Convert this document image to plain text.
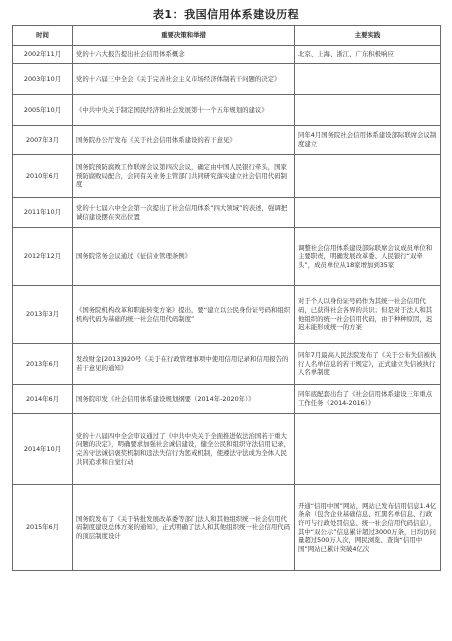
表1：我国信用体系建设历程
时间	重要决策和举措	主要实践
2002年11月	党的十六大报告提出社会信用体系概念	北京、上海、浙江、广东积极响应
2003年10月	党的十六届三中全会《关于完善社会主义市场经济体制若干问题的决定》	
2005年10月	《中共中央关于制定国民经济和社会发展第十一个五年规划的建议》	
2007年3月	国务院办公厅发布《关于社会信用体系建设的若干意见》	同年4月国务院社会信用体系建设部际联席会议制度建立
2010年6月	国务院预防腐败工作联席会议第四次会议，确定由中国人民银行牵头，国家预防腐败局配合，会同有关业务主管部门共同研究落实建立社会信用代码制度	
2011年10月	党的十七届六中全会第一次提出了社会信用体系“四大领域”的表述，强调把诚信建设摆在突出位置	
2012年12月	国务院常务会议通过《征信业管理条例》	调整社会信用体系建设部际联席会议成员单位和主要职责，明确发展改革委、人民银行“双牵头”，成员单位从18家增加到35家
2013年3月	《国务院机构改革和职能转变方案》提出，要“建立以公民身份证号码和组织机构代码为基础的统一社会信用代码制度”	对于个人以身份证号码作为其统一社会信用代码，已获得社会各界的共识；但是对于法人和其他组织的统一社会信用代码，由于种种原因，迟迟未能形成统一的方案
2013年6月	发改财金[2013]920号《关于在行政管理事项中使用信用记录和信用报告的若干意见的通知》	同年7月最高人民法院发布了《关于公布失信被执行人名单信息的若干规定》，正式建立失信被执行人名单制度
2014年6月	国务院印发《社会信用体系建设规划纲要（2014年-2020年）》	同年底配套出台了《社会信用体系建设三年重点工作任务（2014-2016）》
2014年10月	党的十八届四中全会审议通过了《中共中央关于全面推进依法治国若干重大问题的决定》，明确要求加强社会诚信建设，健全公民和组织守法信用记录，完善守法诚信褒奖机制和违法失信行为惩戒机制，使遵法守法成为全体人民共同追求和自觉行动	
2015年6月	国务院发布了《关于转批发展改革委等部门法人和其他组织统一社会信用代码制度建设总体方案的通知》，正式明确了法人和其他组织统一社会信用代码的顶层制度设计	开通“信用中国”网站，网站已发布信用信息1.4亿条余（包含企业基础信息、红黑名单信息、行政许可与行政处罚信息、统一社会信用代码信息），其中“双公示”信息累计超过3000万条，日均访问量超过500万人次，网民浏览、查询“信用中国”网站已累计突破4亿次
